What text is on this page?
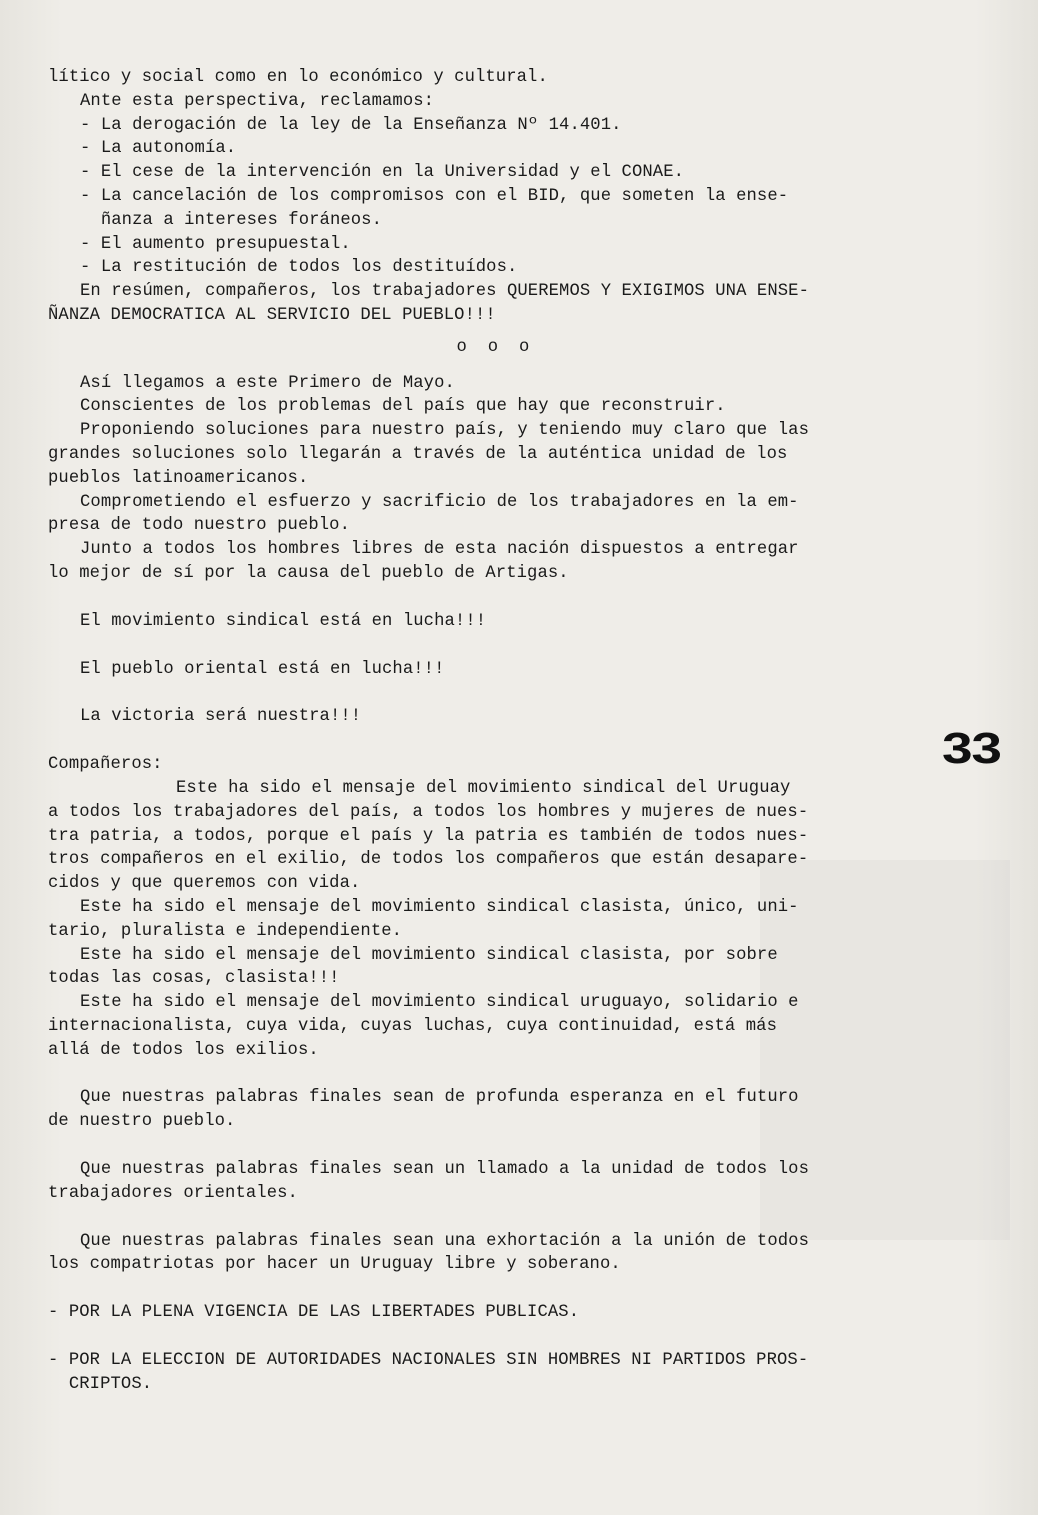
lítico y social como en lo económico y cultural.
Ante esta perspectiva, reclamamos:
- La derogación de la ley de la Enseñanza Nº 14.401.
- La autonomía.
- El cese de la intervención en la Universidad y el CONAE.
- La cancelación de los compromisos con el BID, que someten la ense-
ñanza a intereses foráneos.
- El aumento presupuestal.
- La restitución de todos los destituídos.
En resúmen, compañeros, los trabajadores QUEREMOS Y EXIGIMOS UNA ENSE-
ÑANZA DEMOCRATICA AL SERVICIO DEL PUEBLO!!!
o  o  o
Así llegamos a este Primero de Mayo.
Conscientes de los problemas del país que hay que reconstruir.
Proponiendo soluciones para nuestro país, y teniendo muy claro que las
grandes soluciones solo llegarán a través de la auténtica unidad de los
pueblos latinoamericanos.
Comprometiendo el esfuerzo y sacrificio de los trabajadores en la em-
presa de todo nuestro pueblo.
Junto a todos los hombres libres de esta nación dispuestos a entregar
lo mejor de sí por la causa del pueblo de Artigas.
El movimiento sindical está en lucha!!!
El pueblo oriental está en lucha!!!
La victoria será nuestra!!!
Compañeros:
Este ha sido el mensaje del movimiento sindical del Uruguay
a todos los trabajadores del país, a todos los hombres y mujeres de nues-
tra patria, a todos, porque el país y la patria es también de todos nues-
tros compañeros en el exilio, de todos los compañeros que están desapare-
cidos y que queremos con vida.
Este ha sido el mensaje del movimiento sindical clasista, único, uni-
tario, pluralista e independiente.
Este ha sido el mensaje del movimiento sindical clasista, por sobre
todas las cosas, clasista!!!
Este ha sido el mensaje del movimiento sindical uruguayo, solidario e
internacionalista, cuya vida, cuyas luchas, cuya continuidad, está más
allá de todos los exilios.
Que nuestras palabras finales sean de profunda esperanza en el futuro
de nuestro pueblo.
Que nuestras palabras finales sean un llamado a la unidad de todos los
trabajadores orientales.
Que nuestras palabras finales sean una exhortación a la unión de todos
los compatriotas por hacer un Uruguay libre y soberano.
- POR LA PLENA VIGENCIA DE LAS LIBERTADES PUBLICAS.
- POR LA ELECCION DE AUTORIDADES NACIONALES SIN HOMBRES NI PARTIDOS PROS-
CRIPTOS.
33
